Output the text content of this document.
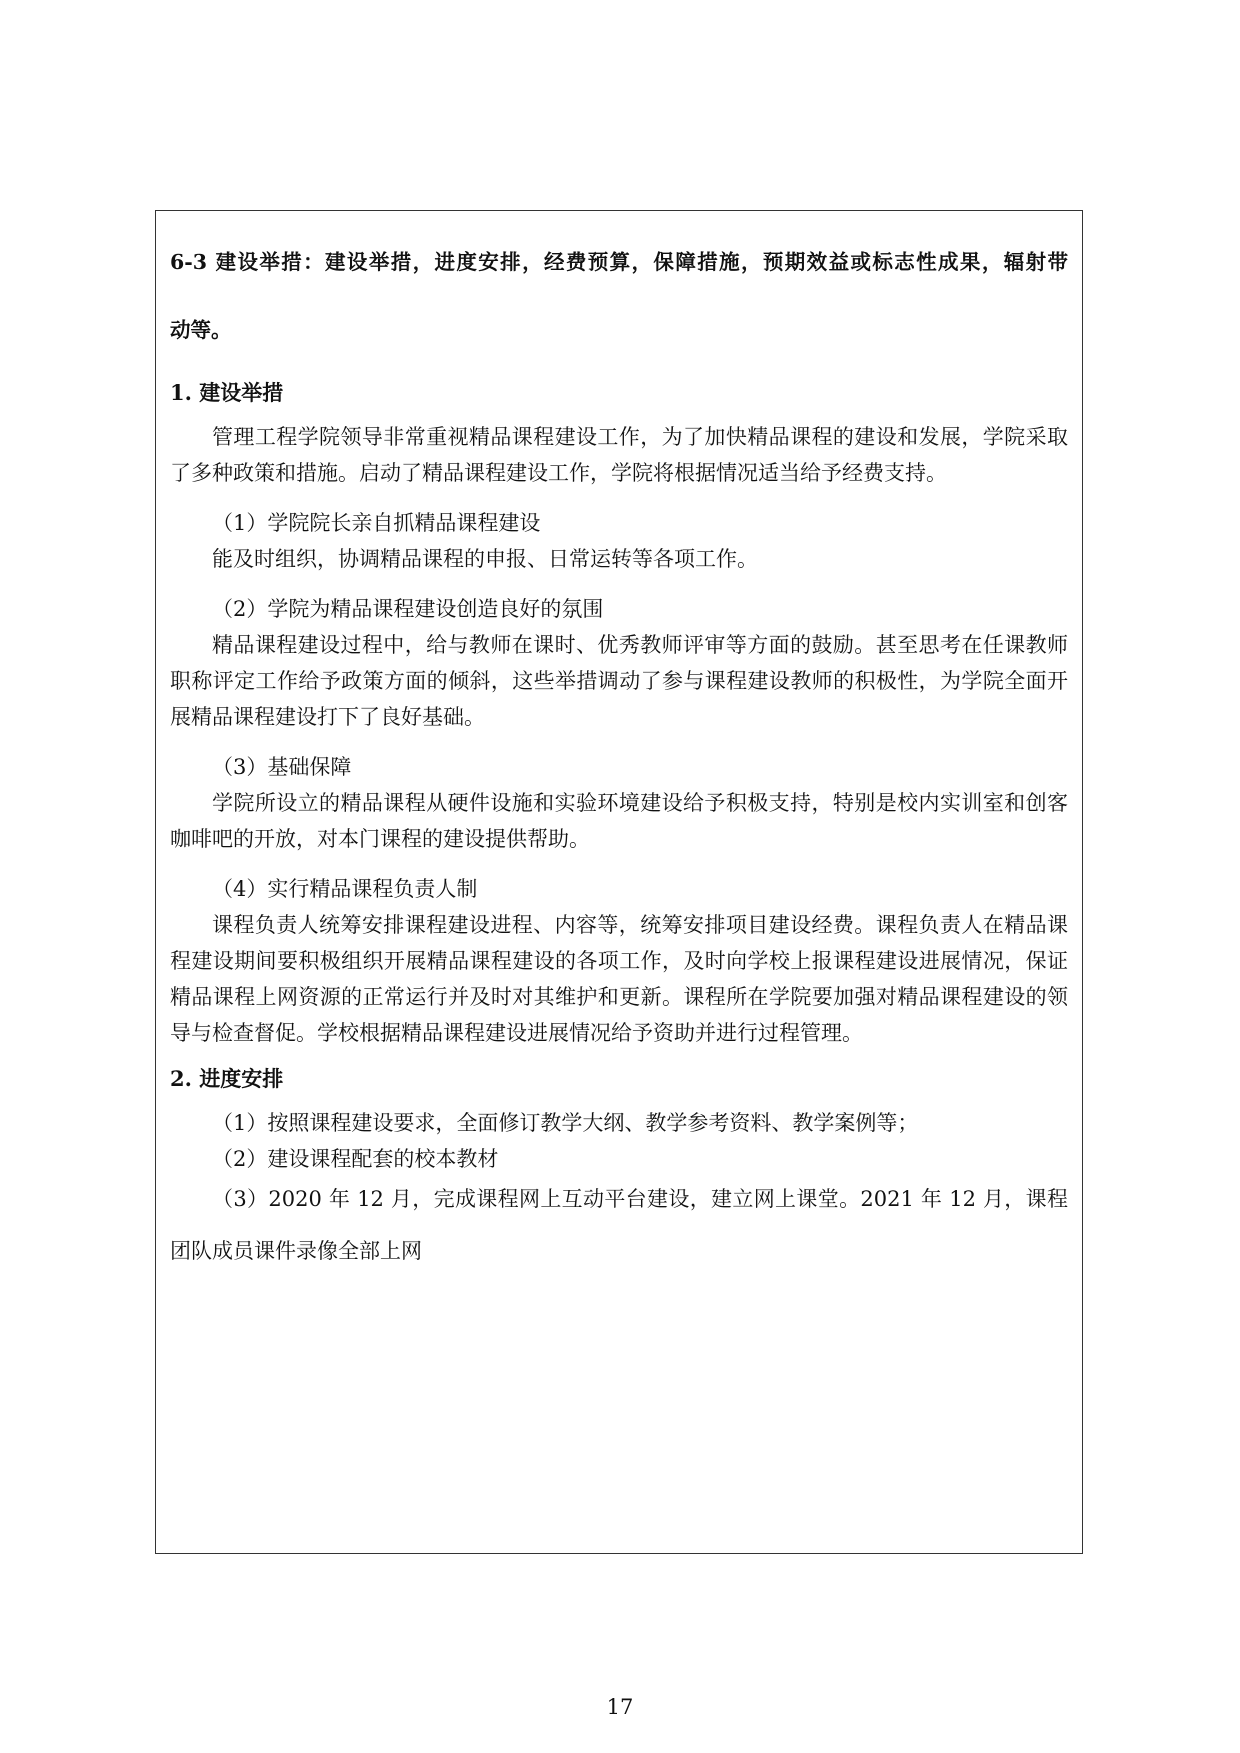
6-3 建设举措：建设举措，进度安排，经费预算，保障措施，预期效益或标志性成果，辐射带

动等。

1. 建设举措

管理工程学院领导非常重视精品课程建设工作，为了加快精品课程的建设和发展，学院采取了多种政策和措施。启动了精品课程建设工作，学院将根据情况适当给予经费支持。

（1）学院院长亲自抓精品课程建设

能及时组织，协调精品课程的申报、日常运转等各项工作。

（2）学院为精品课程建设创造良好的氛围

精品课程建设过程中，给与教师在课时、优秀教师评审等方面的鼓励。甚至思考在任课教师职称评定工作给予政策方面的倾斜，这些举措调动了参与课程建设教师的积极性，为学院全面开展精品课程建设打下了良好基础。

（3）基础保障

学院所设立的精品课程从硬件设施和实验环境建设给予积极支持，特别是校内实训室和创客咖啡吧的开放，对本门课程的建设提供帮助。

（4）实行精品课程负责人制

课程负责人统筹安排课程建设进程、内容等，统筹安排项目建设经费。课程负责人在精品课程建设期间要积极组织开展精品课程建设的各项工作，及时向学校上报课程建设进展情况，保证精品课程上网资源的正常运行并及时对其维护和更新。课程所在学院要加强对精品课程建设的领导与检查督促。学校根据精品课程建设进展情况给予资助并进行过程管理。

2. 进度安排

（1）按照课程建设要求，全面修订教学大纲、教学参考资料、教学案例等；

（2）建设课程配套的校本教材

（3）2020 年 12 月，完成课程网上互动平台建设，建立网上课堂。2021 年 12 月，课程团队成员课件录像全部上网

17
